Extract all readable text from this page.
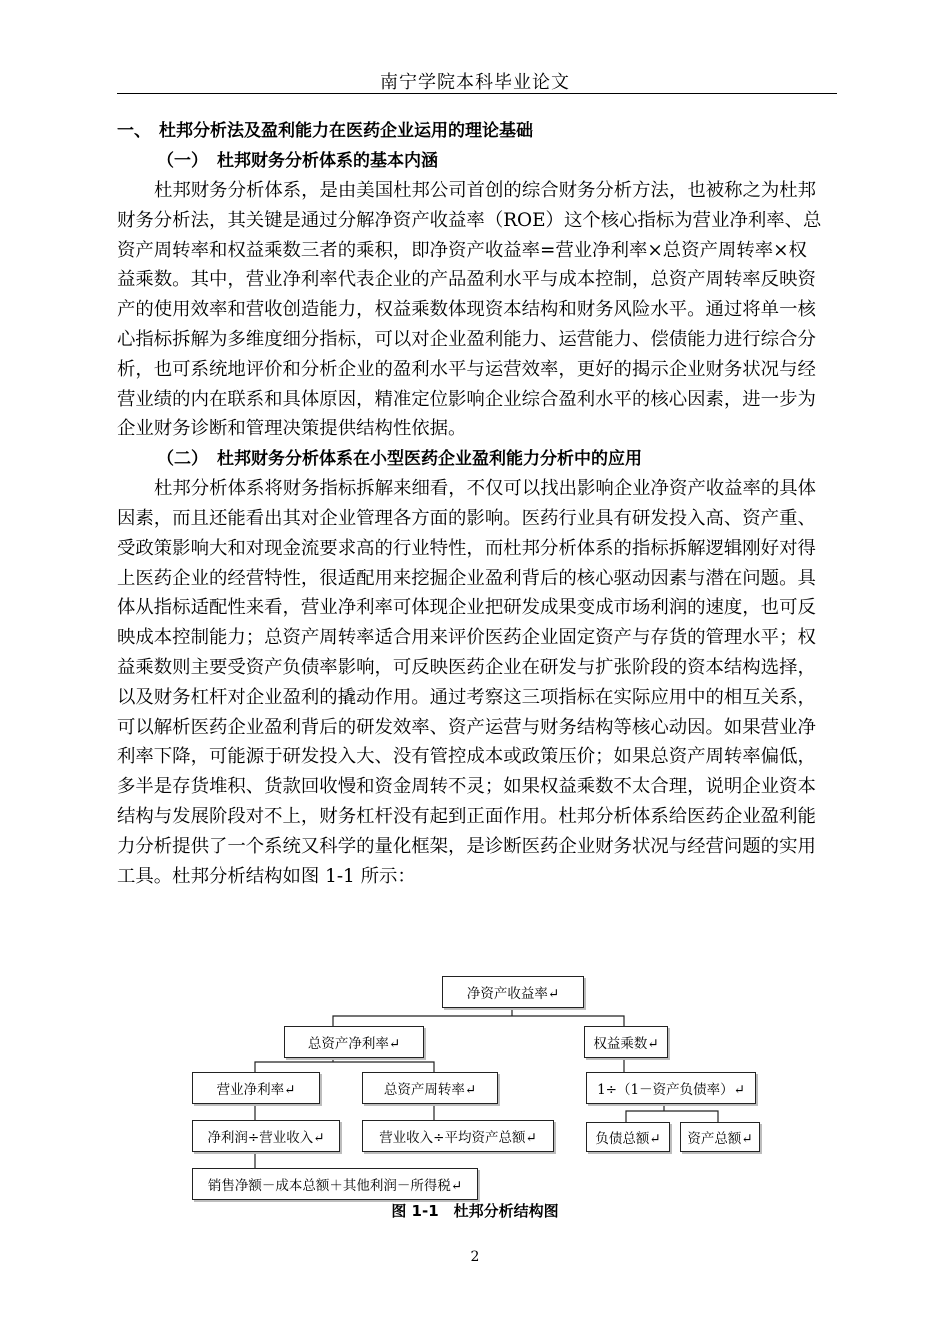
南宁学院本科毕业论文
一、 杜邦分析法及盈利能力在医药企业运用的理论基础
（一） 杜邦财务分析体系的基本内涵

杜邦财务分析体系，是由美国杜邦公司首创的综合财务分析方法，也被称之为杜邦
财务分析法，其关键是通过分解净资产收益率（ROE）这个核心指标为营业净利率、总
资产周转率和权益乘数三者的乘积，即净资产收益率=营业净利率×总资产周转率×权
益乘数。其中，营业净利率代表企业的产品盈利水平与成本控制，总资产周转率反映资
产的使用效率和营收创造能力，权益乘数体现资本结构和财务风险水平。通过将单一核
心指标拆解为多维度细分指标，可以对企业盈利能力、运营能力、偿债能力进行综合分
析，也可系统地评价和分析企业的盈利水平与运营效率，更好的揭示企业财务状况与经
营业绩的内在联系和具体原因，精准定位影响企业综合盈利水平的核心因素，进一步为
企业财务诊断和管理决策提供结构性依据。

（二） 杜邦财务分析体系在小型医药企业盈利能力分析中的应用

杜邦分析体系将财务指标拆解来细看，不仅可以找出影响企业净资产收益率的具体
因素，而且还能看出其对企业管理各方面的影响。医药行业具有研发投入高、资产重、
受政策影响大和对现金流要求高的行业特性，而杜邦分析体系的指标拆解逻辑刚好对得
上医药企业的经营特性，很适配用来挖掘企业盈利背后的核心驱动因素与潜在问题。具
体从指标适配性来看，营业净利率可体现企业把研发成果变成市场利润的速度，也可反
映成本控制能力；总资产周转率适合用来评价医药企业固定资产与存货的管理水平；权
益乘数则主要受资产负债率影响，可反映医药企业在研发与扩张阶段的资本结构选择，
以及财务杠杆对企业盈利的撬动作用。通过考察这三项指标在实际应用中的相互关系，
可以解析医药企业盈利背后的研发效率、资产运营与财务结构等核心动因。如果营业净
利率下降，可能源于研发投入大、没有管控成本或政策压价；如果总资产周转率偏低，
多半是存货堆积、货款回收慢和资金周转不灵；如果权益乘数不太合理，说明企业资本
结构与发展阶段对不上，财务杠杆没有起到正面作用。杜邦分析体系给医药企业盈利能
力分析提供了一个系统又科学的量化框架，是诊断医药企业财务状况与经营问题的实用
工具。杜邦分析结构如图 1-1 所示：

净资产收益率↵
总资产净利率↵	权益乘数↵
营业净利率↵	总资产周转率↵	1÷（1－资产负债率）↵
净利润÷营业收入↵	营业收入÷平均资产总额↵	负债总额↵ 资产总额↵
销售净额－成本总额＋其他利润－所得税↵
图 1-1　杜邦分析结构图
2
